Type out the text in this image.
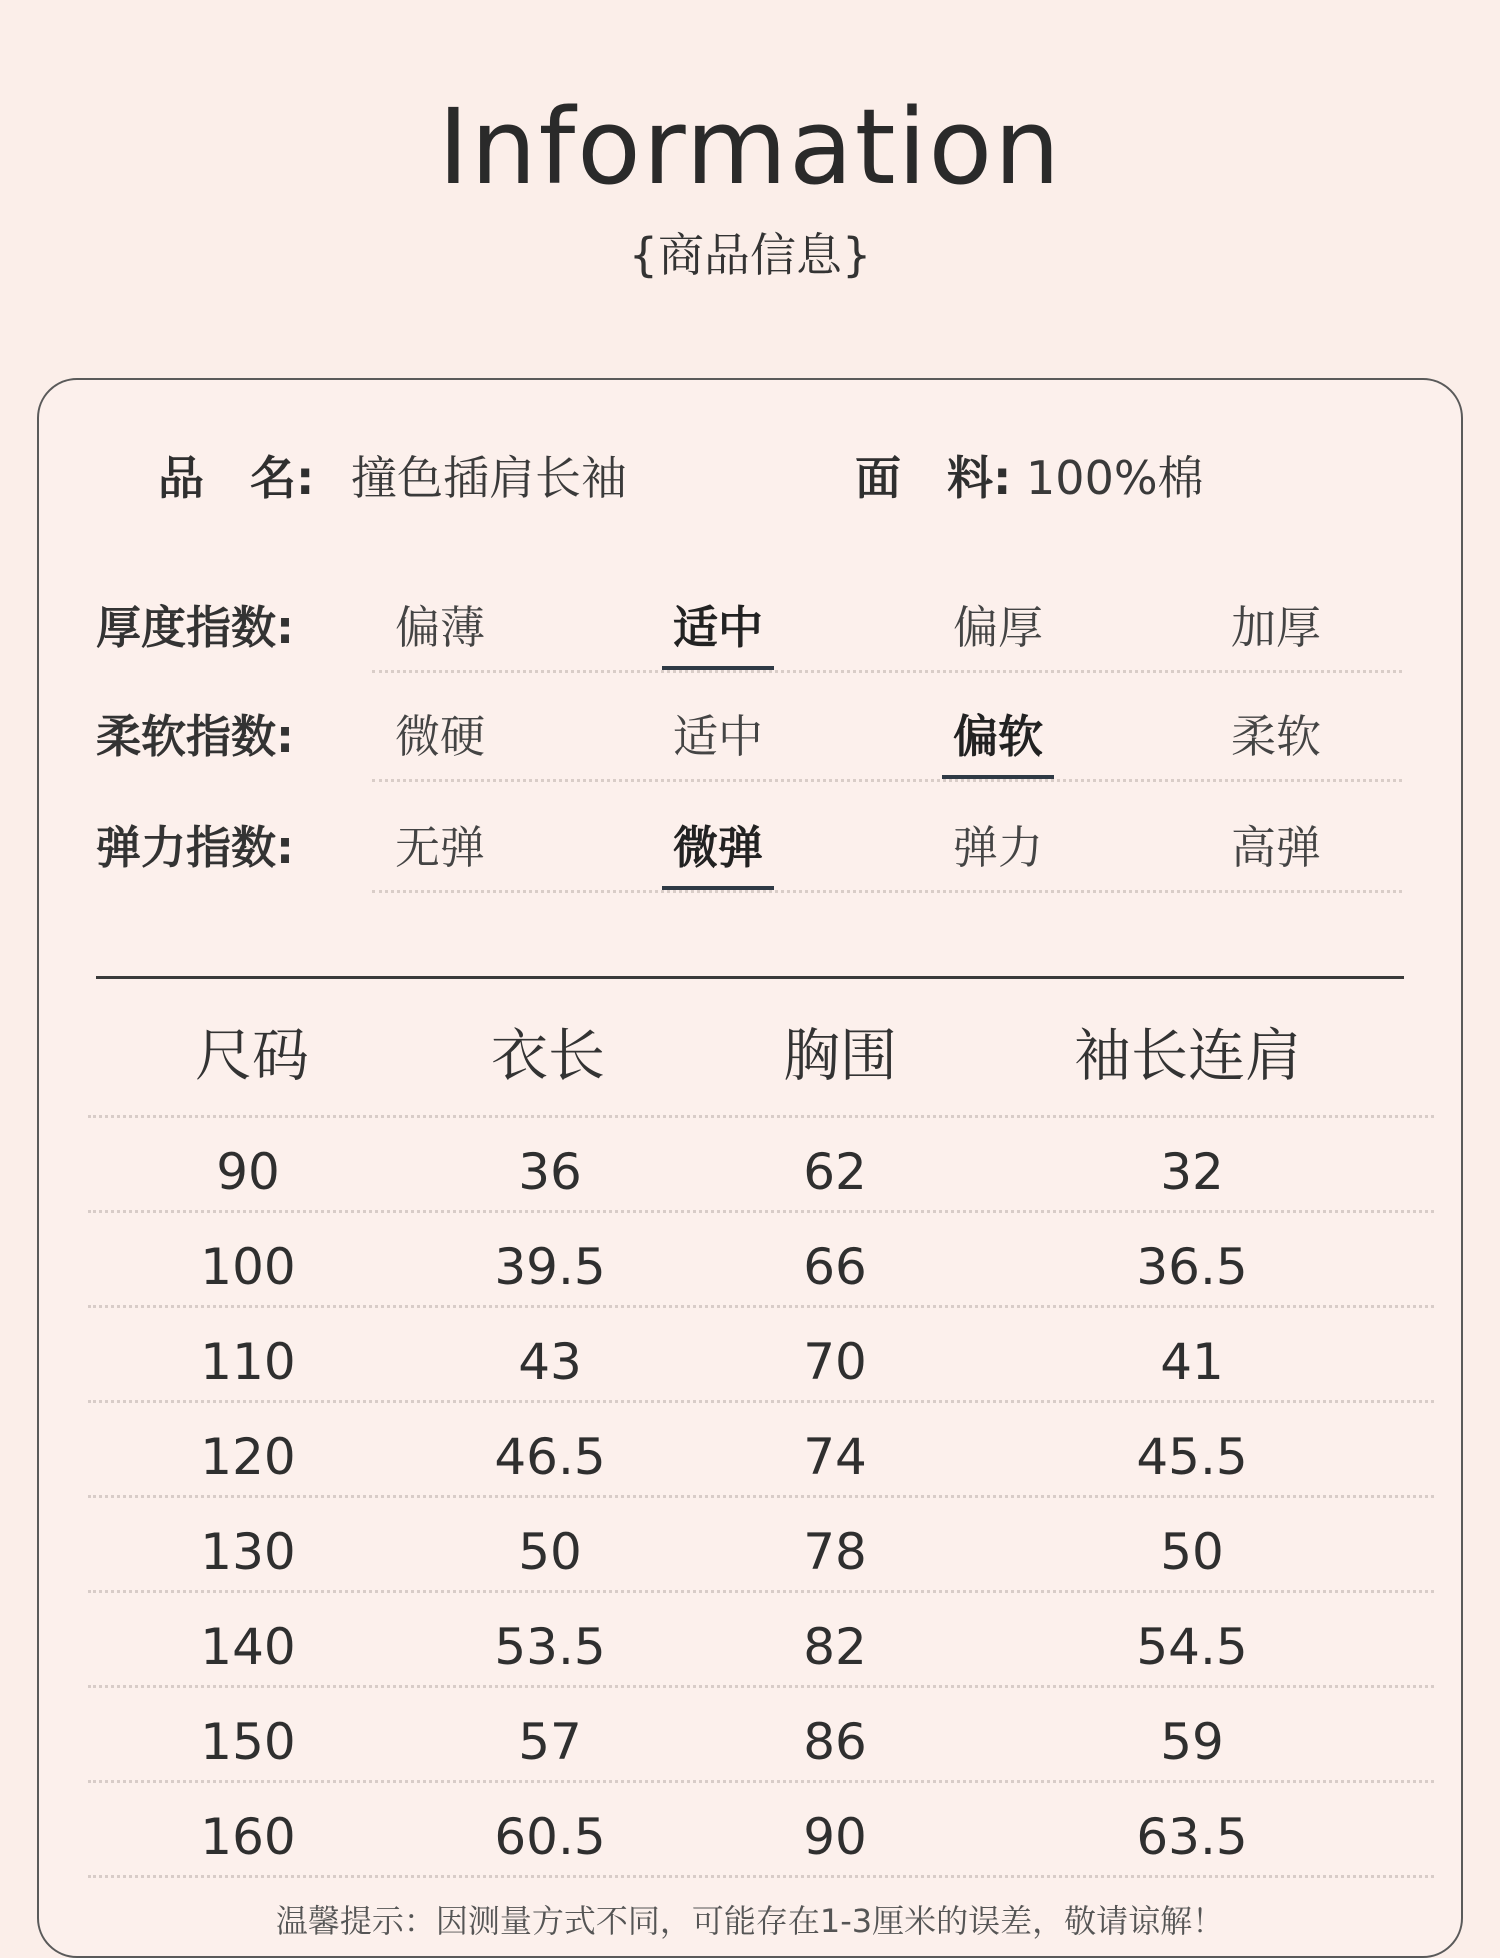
Information
{商品信息}
品　名: 撞色插肩长袖	面　料: 100%棉
厚度指数:	偏薄	适中	偏厚	加厚
柔软指数:	微硬	适中	偏软	柔软
弹力指数:	无弹	微弹	弹力	高弹
尺码	衣长	胸围	袖长连肩
90	36	62	32
100	39.5	66	36.5
110	43	70	41
120	46.5	74	45.5
130	50	78	50
140	53.5	82	54.5
150	57	86	59
160	60.5	90	63.5
温馨提示：因测量方式不同，可能存在1-3厘米的误差，敬请谅解！
